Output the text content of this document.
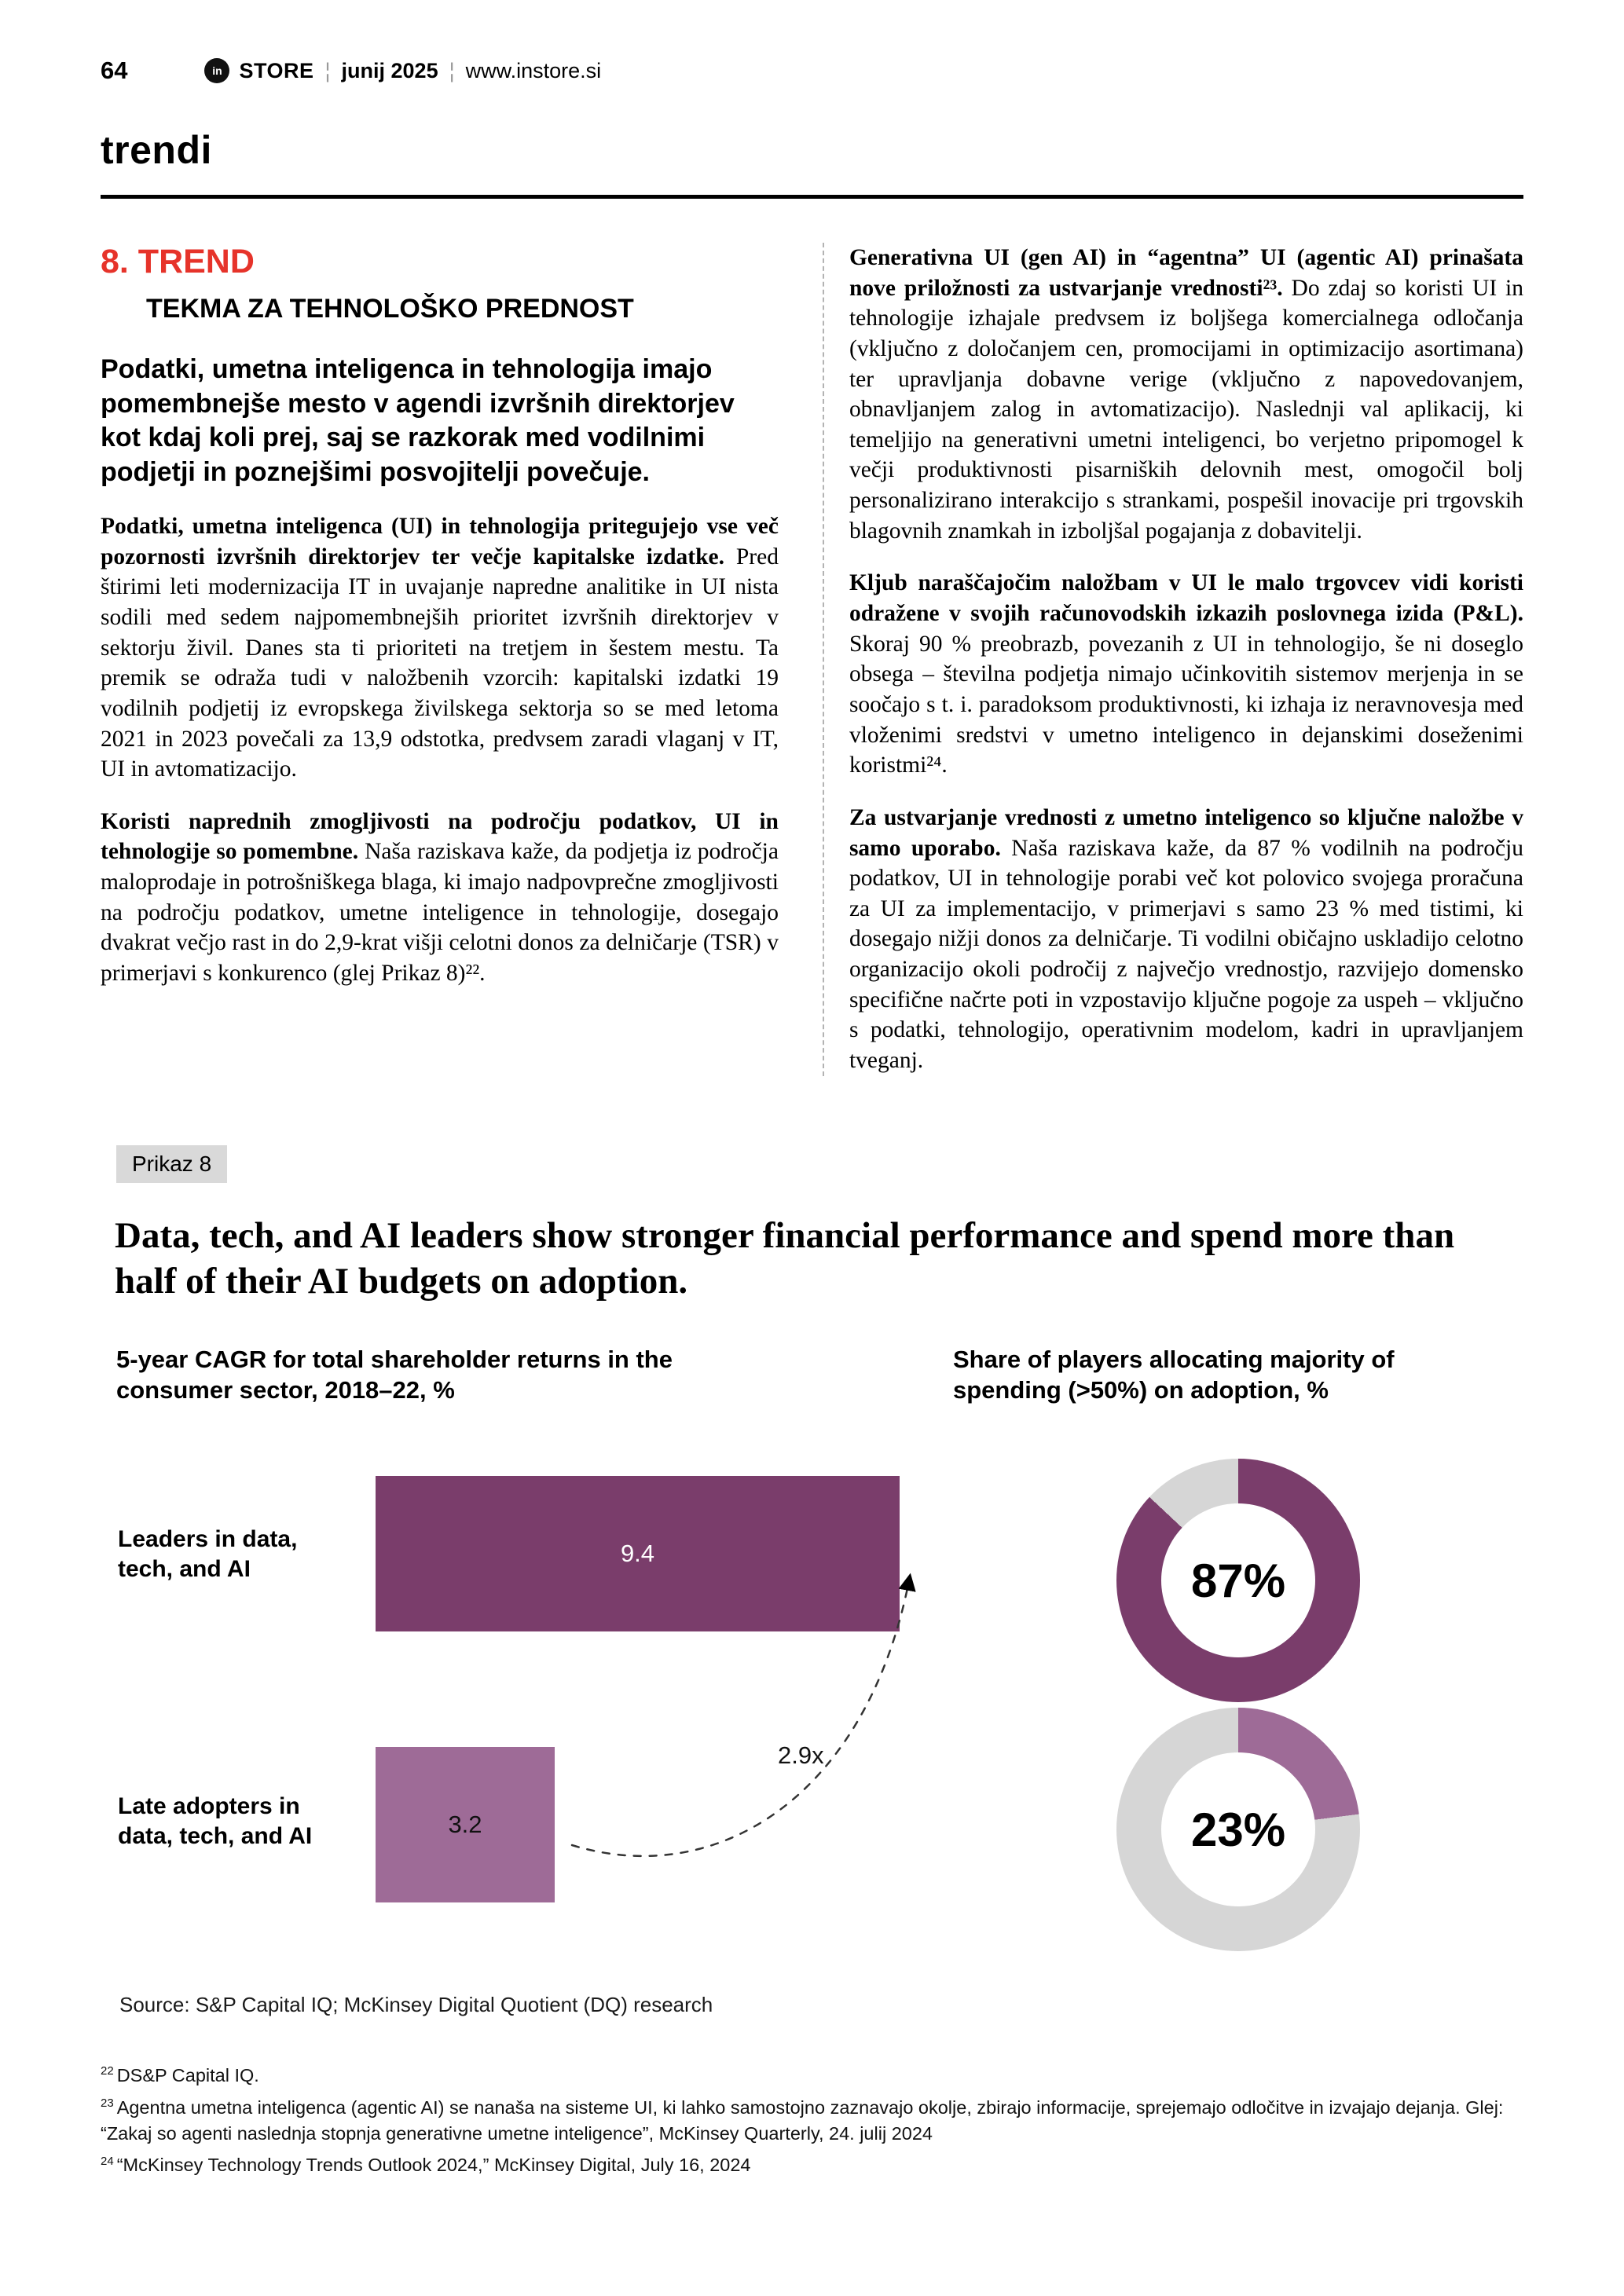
64	in STORE ¦ junij 2025 ¦ www.instore.si
trendi
8. TREND
TEKMA ZA TEHNOLOŠKO PREDNOST
Podatki, umetna inteligenca in tehnologija imajo pomembnejše mesto v agendi izvršnih direktorjev kot kdaj koli prej, saj se razkorak med vodilnimi podjetji in poznejšimi posvojitelji povečuje.

Podatki, umetna inteligenca (UI) in tehnologija pritegujejo vse več pozornosti izvršnih direktorjev ter večje kapitalske izdatke. Pred štirimi leti modernizacija IT in uvajanje napredne analitike in UI nista sodili med sedem najpomembnejših prioritet izvršnih direktorjev v sektorju živil. Danes sta ti prioriteti na tretjem in šestem mestu. Ta premik se odraža tudi v naložbenih vzorcih: kapitalski izdatki 19 vodilnih podjetij iz evropskega živilskega sektorja so se med letoma 2021 in 2023 povečali za 13,9 odstotka, predvsem zaradi vlaganj v IT, UI in avtomatizacijo.

Koristi naprednih zmogljivosti na področju podatkov, UI in tehnologije so pomembne. Naša raziskava kaže, da podjetja iz področja maloprodaje in potrošniškega blaga, ki imajo nadpovprečne zmogljivosti na področju podatkov, umetne inteligence in tehnologije, dosegajo dvakrat večjo rast in do 2,9-krat višji celotni donos za delničarje (TSR) v primerjavi s konkurenco (glej Prikaz 8)²².

Generativna UI (gen AI) in “agentna” UI (agentic AI) prinašata nove priložnosti za ustvarjanje vrednosti²³. Do zdaj so koristi UI in tehnologije izhajale predvsem iz boljšega komercialnega odločanja (vključno z določanjem cen, promocijami in optimizacijo asortimana) ter upravljanja dobavne verige (vključno z napovedovanjem, obnavljanjem zalog in avtomatizacijo). Naslednji val aplikacij, ki temeljijo na generativni umetni inteligenci, bo verjetno pripomogel k večji produktivnosti pisarniških delovnih mest, omogočil bolj personalizirano interakcijo s strankami, pospešil inovacije pri trgovskih blagovnih znamkah in izboljšal pogajanja z dobavitelji.

Kljub naraščajočim naložbam v UI le malo trgovcev vidi koristi odražene v svojih računovodskih izkazih poslovnega izida (P&L). Skoraj 90 % preobrazb, povezanih z UI in tehnologijo, še ni doseglo obsega – številna podjetja nimajo učinkovitih sistemov merjenja in se soočajo s t. i. paradoksom produktivnosti, ki izhaja iz neravnovesja med vloženimi sredstvi v umetno inteligenco in dejanskimi doseženimi koristmi²⁴.

Za ustvarjanje vrednosti z umetno inteligenco so ključne naložbe v samo uporabo. Naša raziskava kaže, da 87 % vodilnih na področju podatkov, UI in tehnologije porabi več kot polovico svojega proračuna za UI za implementacijo, v primerjavi s samo 23 % med tistimi, ki dosegajo nižji donos za delničarje. Ti vodilni običajno uskladijo celotno organizacijo okoli področij z največjo vrednostjo, razvijejo domensko specifične načrte poti in vzpostavijo ključne pogoje za uspeh – vključno s podatki, tehnologijo, operativnim modelom, kadri in upravljanjem tveganj.

Prikaz 8
Data, tech, and AI leaders show stronger financial performance and spend more than half of their AI budgets on adoption.
5-year CAGR for total shareholder returns in the consumer sector, 2018–22, %
Share of players allocating majority of spending (>50%) on adoption, %
Leaders in data, tech, and AI
9.4
Late adopters in data, tech, and AI	3.2
2.9x
87%
23%
Source: S&P Capital IQ; McKinsey Digital Quotient (DQ) research
$^{22}$ DS&P Capital IQ.
$^{23}$ Agentna umetna inteligenca (agentic AI) se nanaša na sisteme UI, ki lahko samostojno zaznavajo okolje, zbirajo informacije, sprejemajo odločitve in izvajajo dejanja. Glej: “Zakaj so agenti naslednja stopnja generativne umetne inteligence”, McKinsey Quarterly, 24. julij 2024
$^{24}$ “McKinsey Technology Trends Outlook 2024,” McKinsey Digital, July 16, 2024
